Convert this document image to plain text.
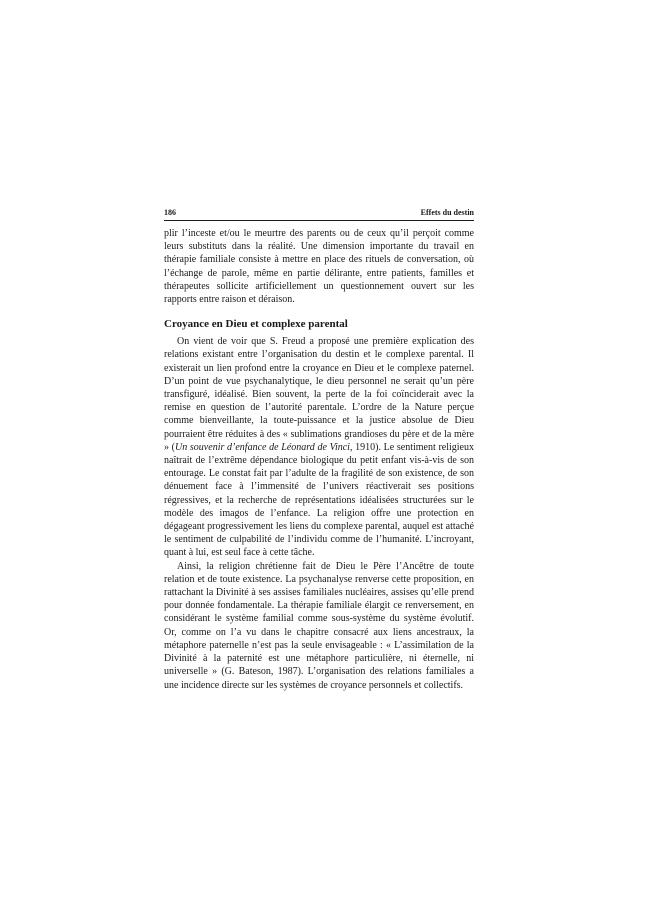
186	Effets du destin

plir l’inceste et/ou le meurtre des parents ou de ceux qu’il perçoit comme leurs substituts dans la réalité. Une dimension importante du travail en thérapie familiale consiste à mettre en place des rituels de conversation, où l’échange de parole, même en partie délirante, entre patients, familles et thérapeutes sollicite artificiellement un questionnement ouvert sur les rapports entre raison et déraison.

Croyance en Dieu et complexe parental

On vient de voir que S. Freud a proposé une première explication des relations existant entre l’organisation du destin et le complexe parental. Il existerait un lien profond entre la croyance en Dieu et le complexe paternel. D’un point de vue psychanalytique, le dieu personnel ne serait qu’un père transfiguré, idéalisé. Bien souvent, la perte de la foi coïnciderait avec la remise en question de l’autorité parentale. L’ordre de la Nature perçue comme bienveillante, la toute-puissance et la justice absolue de Dieu pourraient être réduites à des « sublimations grandioses du père et de la mère » (Un souvenir d’enfance de Léonard de Vinci, 1910). Le sentiment religieux naîtrait de l’extrême dépendance biologique du petit enfant vis-à-vis de son entourage. Le constat fait par l’adulte de la fragilité de son existence, de son dénuement face à l’immensité de l’univers réactiverait ses positions régressives, et la recherche de représentations idéalisées structurées sur le modèle des imagos de l’enfance. La religion offre une protection en dégageant progressivement les liens du complexe parental, auquel est attaché le sentiment de culpabilité de l’individu comme de l’humanité. L’incroyant, quant à lui, est seul face à cette tâche.

Ainsi, la religion chrétienne fait de Dieu le Père l’Ancêtre de toute relation et de toute existence. La psychanalyse renverse cette proposition, en rattachant la Divinité à ses assises familiales nucléaires, assises qu’elle prend pour donnée fondamentale. La thérapie familiale élargit ce renversement, en considérant le système familial comme sous-système du système évolutif. Or, comme on l’a vu dans le chapitre consacré aux liens ancestraux, la métaphore paternelle n’est pas la seule envisageable : « L’assimilation de la Divinité à la paternité est une métaphore particulière, ni éternelle, ni universelle » (G. Bateson, 1987). L’organisation des relations familiales a une incidence directe sur les systèmes de croyance personnels et collectifs.
